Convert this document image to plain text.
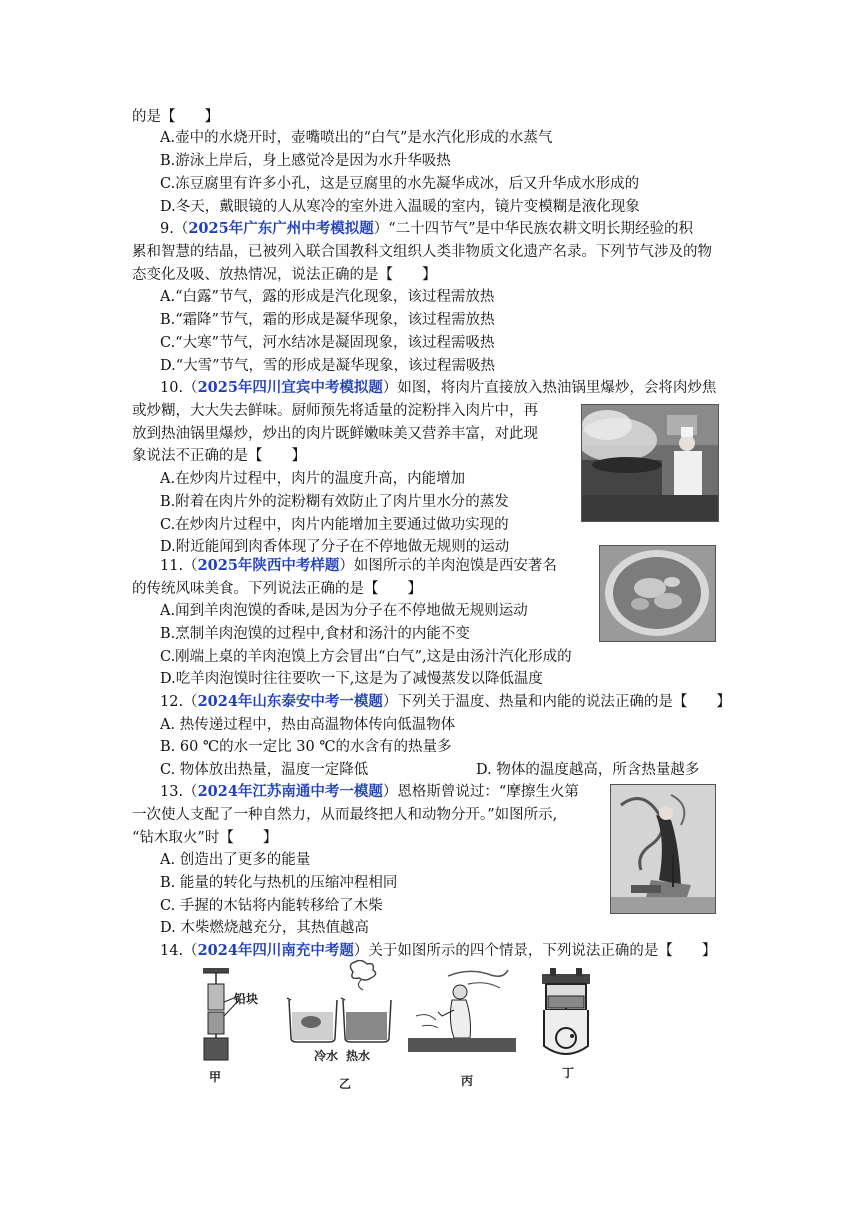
的是【　　】
A.壶中的水烧开时，壶嘴喷出的“白气”是水汽化形成的水蒸气
B.游泳上岸后，身上感觉冷是因为水升华吸热
C.冻豆腐里有许多小孔，这是豆腐里的水先凝华成冰，后又升华成水形成的
D.冬天，戴眼镜的人从寒冷的室外进入温暖的室内，镜片变模糊是液化现象
9.（2025年广东广州中考模拟题）“二十四节气”是中华民族农耕文明长期经验的积
累和智慧的结晶，已被列入联合国教科文组织人类非物质文化遗产名录。下列节气涉及的物
态变化及吸、放热情况，说法正确的是【　　】
A.“白露”节气，露的形成是汽化现象，该过程需放热
B.“霜降”节气，霜的形成是凝华现象，该过程需放热
C.“大寒”节气，河水结冰是凝固现象，该过程需吸热
D.“大雪”节气，雪的形成是凝华现象，该过程需吸热
10.（2025年四川宜宾中考模拟题）如图，将肉片直接放入热油锅里爆炒，会将肉炒焦
或炒糊，大大失去鲜味。厨师预先将适量的淀粉拌入肉片中，再
放到热油锅里爆炒，炒出的肉片既鲜嫩味美又营养丰富，对此现
象说法不正确的是【　　】
A.在炒肉片过程中，肉片的温度升高，内能增加
B.附着在肉片外的淀粉糊有效防止了肉片里水分的蒸发
C.在炒肉片过程中，肉片内能增加主要通过做功实现的
D.附近能闻到肉香体现了分子在不停地做无规则的运动
11.（2025年陕西中考样题）如图所示的羊肉泡馍是西安著名
的传统风味美食。下列说法正确的是【　　】
A.闻到羊肉泡馍的香味,是因为分子在不停地做无规则运动
B.烹制羊肉泡馍的过程中,食材和汤汁的内能不变
C.刚端上桌的羊肉泡馍上方会冒出“白气”,这是由汤汁汽化形成的
D.吃羊肉泡馍时往往要吹一下,这是为了减慢蒸发以降低温度
12.（2024年山东泰安中考一模题）下列关于温度、热量和内能的说法正确的是【　　】
A. 热传递过程中，热由高温物体传向低温物体
B. 60 ℃的水一定比 30 ℃的水含有的热量多
C. 物体放出热量，温度一定降低	D. 物体的温度越高，所含热量越多
13.（2024年江苏南通中考一模题）恩格斯曾说过：“摩擦生火第
一次使人支配了一种自然力，从而最终把人和动物分开。”如图所示,
“钻木取火”时【　　】
A. 创造出了更多的能量
B. 能量的转化与热机的压缩冲程相同
C. 手握的木钻将内能转移给了木柴
D. 木柴燃烧越充分，其热值越高
14.（2024年四川南充中考题）关于如图所示的四个情景，下列说法正确的是【　　】
铅块
甲
冷水 热水
乙	丙
丁
